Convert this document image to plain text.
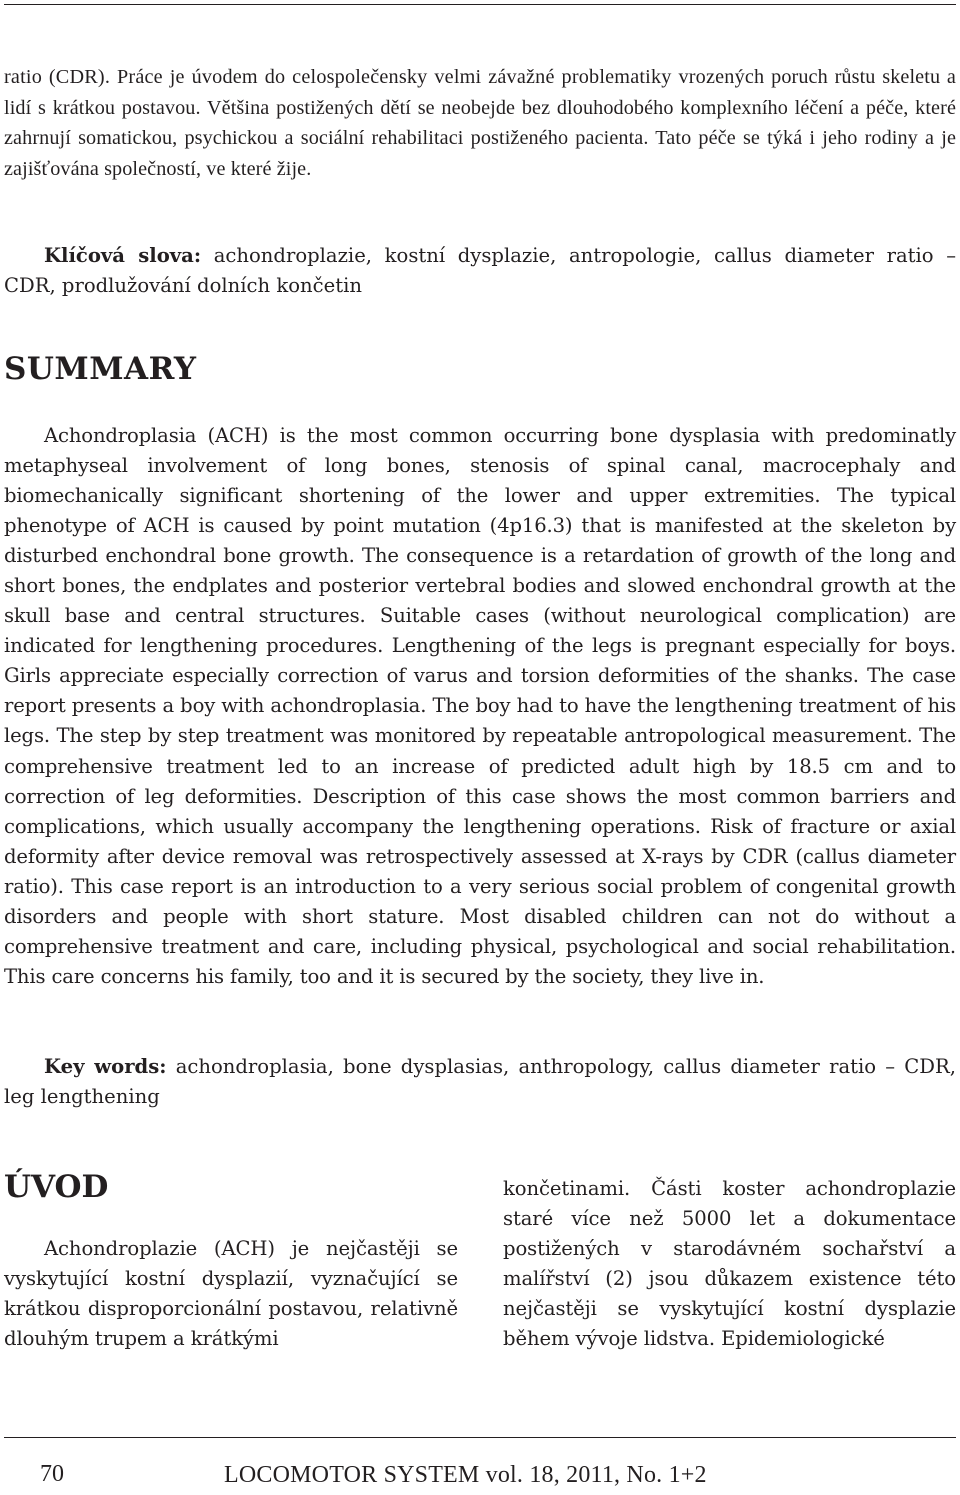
ratio (CDR). Práce je úvodem do celospolečensky velmi závažné problematiky vrozených poruch růstu skeletu a lidí s krátkou postavou. Většina postižených dětí se neobejde bez dlouhodobého komplexního léčení a péče, které zahrnují somatickou, psychickou a sociální rehabilitaci postiženého pacienta. Tato péče se týká i jeho rodiny a je zajišťována společností, ve které žije.
Klíčová slova: achondroplazie, kostní dysplazie, antropologie, callus diameter ratio – CDR, prodlužování dolních končetin
SUMMARY

Achondroplasia (ACH) is the most common occurring bone dysplasia with predominatly metaphyseal involvement of long bones, stenosis of spinal canal, macrocephaly and biomechanically significant shortening of the lower and upper extremities. The typical phenotype of ACH is caused by point mutation (4p16.3) that is manifested at the skeleton by disturbed enchondral bone growth. The consequence is a retardation of growth of the long and short bones, the endplates and posterior vertebral bodies and slowed enchondral growth at the skull base and central structures. Suitable cases (without neurological complication) are indicated for lengthening procedures. Lengthening of the legs is pregnant especially for boys. Girls appreciate especially correction of varus and torsion deformities of the shanks. The case report presents a boy with achondroplasia. The boy had to have the lengthening treatment of his legs. The step by step treatment was monitored by repeatable antropological measurement. The comprehensive treatment led to an increase of predicted adult high by 18.5 cm and to correction of leg deformities. Description of this case shows the most common barriers and complications, which usually accompany the lengthening operations. Risk of fracture or axial deformity after device removal was retrospectively assessed at X-rays by CDR (callus diameter ratio). This case report is an introduction to a very serious social problem of congenital growth disorders and people with short stature. Most disabled children can not do without a comprehensive treatment and care, including physical, psychological and social rehabilitation. This care concerns his family, too and it is secured by the society, they live in.

Key words: achondroplasia, bone dysplasias, anthropology, callus diameter ratio – CDR, leg lengthening
ÚVOD
Achondroplazie (ACH) je nejčastěji se vyskytující kostní dysplazií, vyznačující se krátkou disproporcionální postavou, relativně dlouhým trupem a krátkými
končetinami. Části koster achondroplazie staré více než 5000 let a dokumentace postižených v starodávném sochařství a malířství (2) jsou důkazem existence této nejčastěji se vyskytující kostní dysplazie během vývoje lidstva. Epidemiologické
70	LOCOMOTOR SYSTEM vol. 18, 2011, No. 1+2
